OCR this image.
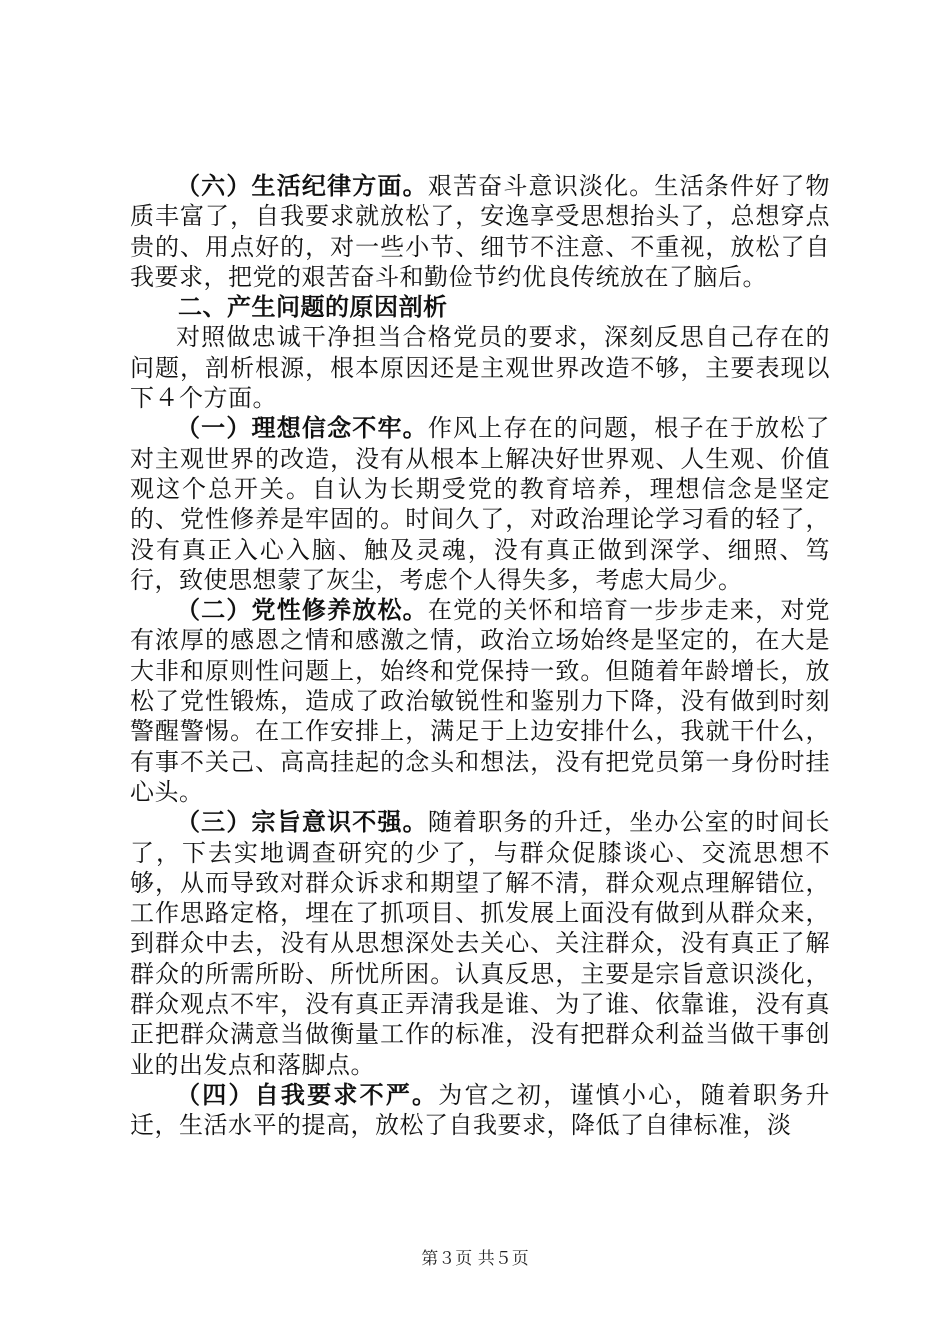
（六）生活纪律方面。艰苦奋斗意识淡化。生活条件好了物质丰富了，自我要求就放松了，安逸享受思想抬头了，总想穿点贵的、用点好的，对一些小节、细节不注意、不重视，放松了自我要求，把党的艰苦奋斗和勤俭节约优良传统放在了脑后。

二、产生问题的原因剖析

对照做忠诚干净担当合格党员的要求，深刻反思自己存在的问题，剖析根源，根本原因还是主观世界改造不够，主要表现以下４个方面。

（一）理想信念不牢。作风上存在的问题，根子在于放松了对主观世界的改造，没有从根本上解决好世界观、人生观、价值观这个总开关。自认为长期受党的教育培养，理想信念是坚定的、党性修养是牢固的。时间久了，对政治理论学习看的轻了，没有真正入心入脑、触及灵魂，没有真正做到深学、细照、笃行，致使思想蒙了灰尘，考虑个人得失多，考虑大局少。

（二）党性修养放松。在党的关怀和培育一步步走来，对党有浓厚的感恩之情和感激之情，政治立场始终是坚定的，在大是大非和原则性问题上，始终和党保持一致。但随着年龄增长，放松了党性锻炼，造成了政治敏锐性和鉴别力下降，没有做到时刻警醒警惕。在工作安排上，满足于上边安排什么，我就干什么，有事不关己、高高挂起的念头和想法，没有把党员第一身份时挂心头。

（三）宗旨意识不强。随着职务的升迁，坐办公室的时间长了，下去实地调查研究的少了，与群众促膝谈心、交流思想不够，从而导致对群众诉求和期望了解不清，群众观点理解错位，工作思路定格，埋在了抓项目、抓发展上面没有做到从群众来，到群众中去，没有从思想深处去关心、关注群众，没有真正了解群众的所需所盼、所忧所困。认真反思，主要是宗旨意识淡化，群众观点不牢，没有真正弄清我是谁、为了谁、依靠谁，没有真正把群众满意当做衡量工作的标准，没有把群众利益当做干事创业的出发点和落脚点。

（四）自我要求不严。为官之初，谨慎小心，随着职务升迁，生活水平的提高，放松了自我要求，降低了自律标准，淡

第３页 共５页
